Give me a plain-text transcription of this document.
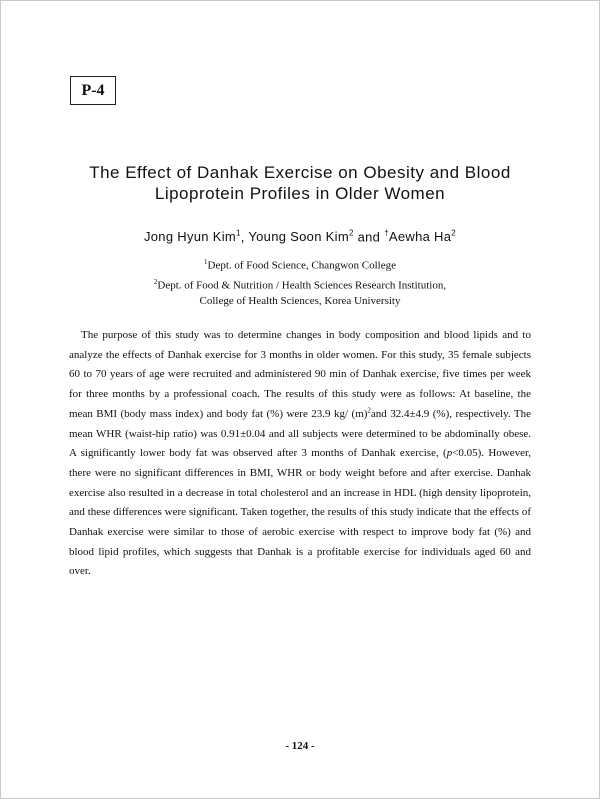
P-4
The Effect of Danhak Exercise on Obesity and Blood
Lipoprotein Profiles in Older Women
Jong Hyun Kim$^1$, Young Soon Kim$^2$ and †Aewha Ha$^2$
$^1$Dept. of Food Science, Changwon College
$^2$Dept. of Food & Nutrition / Health Sciences Research Institution,
College of Health Sciences, Korea University

The purpose of this study was to determine changes in body composition and blood lipids and to analyze the effects of Danhak exercise for 3 months in older women. For this study, 35 female subjects 60 to 70 years of age were recruited and administered 90 min of Danhak exercise, five times per week for three months by a professional coach. The results of this study were as follows: At baseline, the mean BMI (body mass index) and body fat (%) were 23.9 kg/ $(m)^2and$ 32.4±4.9 (%), respectively. The mean WHR (waist-hip ratio) was 0.91±0.04 and all subjects were determined to be abdominally obese. A significantly lower body fat was observed after 3 months of Danhak exercise, (p<0.05). However, there were no significant differences in BMI, WHR or body weight before and after exercise. Danhak exercise also resulted in a decrease in total cholesterol and an increase in HDL (high density lipoprotein, and these differences were significant. Taken together, the results of this study indicate that the effects of Danhak exercise were similar to those of aerobic exercise with respect to improve body fat (%) and blood lipid profiles, which suggests that Danhak is a profitable exercise for individuals aged 60 and over.

- 124 -
